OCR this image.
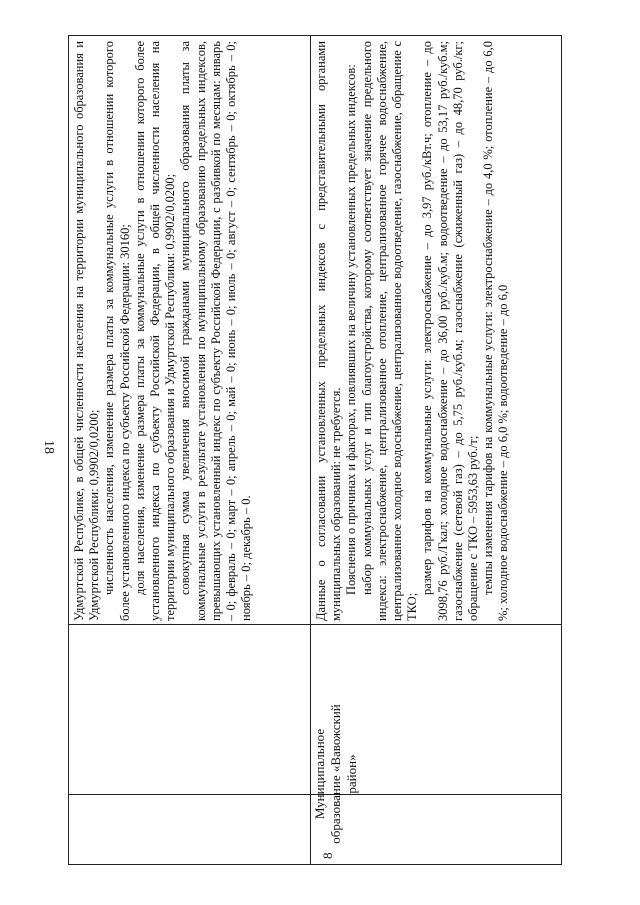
18 Удмуртской Республике, в общей численности населения на территории муниципального образования и Удмуртской Республики: 0,9902/0,0200; численность населения, изменение размера платы за коммунальные услуги в отношении которого более установленного индекса по субъекту Российской Федерации: 30160; доля населения, изменение размера платы за коммунальные услуги в отношении которого более установленного индекса по субъекту Российской Федерации, в общей численности населения на территории муниципального образования и Удмуртской Республики: 0,9902/0,0200; совокупная сумма увеличения вносимой гражданами муниципального образования платы за коммунальные услуги в результате установления по муниципальному образованию предельных индексов, превышающих установленный индекс по субъекту Российской Федерации, с разбивкой по месяцам: январь – 0; февраль – 0; март – 0; апрель – 0; май – 0; июнь – 0; июль – 0; август – 0; сентябрь – 0; октябрь – 0; ноябрь – 0; декабрь – 0.

8
Муниципальное образование «Вавожский район»

Данные о согласовании установленных предельных индексов с представительными органами муниципальных образований: не требуется. Пояснения о причинах и факторах, повлиявших на величину установленных предельных индексов: набор коммунальных услуг и тип благоустройства, которому соответствует значение предельного индекса: электроснабжение, централизованное отопление, централизованное горячее водоснабжение, централизованное холодное водоснабжение, централизованное водоотведение, газоснабжение, обращение с ТКО;

размер тарифов на коммунальные услуги: электроснабжение – до 3,97 руб./кВт.ч; отопление – до 3098,76 руб./Гкал; холодное водоснабжение – до 36,00 руб./куб.м; водоотведение – до 53,17 руб./куб.м; газоснабжение (сетевой газ) – до 5,75 руб./куб.м; газоснабжение (сжиженный газ) – до 48,70 руб./кг; обращение с ТКО – 5953,63 руб./т; темпы изменения тарифов на коммунальные услуги: электроснабжение – до 4,0 %; отопление – до 6,0 %; холодное водоснабжение – до 6,0 %; водоотведение – до 6,0
